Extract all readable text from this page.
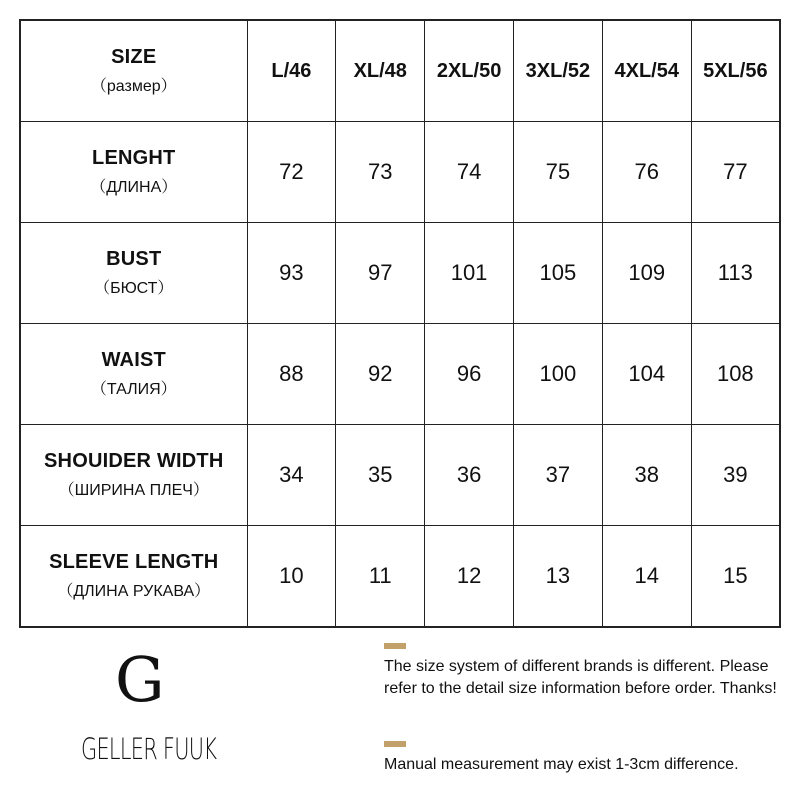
SIZE
（размер）	L/46	XL/48	2XL/50	3XL/52	4XL/54	5XL/56

LENGHT
（ДЛИНА）	72	73	74	75	76	77

BUST
（БЮСТ）	93	97	101	105	109	113

WAIST
（ТАЛИЯ）	88	92	96	100	104	108

SHOUIDER WIDTH
（ШИРИНА ПЛЕЧ）	34	35	36	37	38	39

SLEEVE LENGTH
（ДЛИНА РУКАВА）	10	11	12	13	14	15
G
GELLER FUUK
The size system of different brands is different. Please refer to the detail size information before order. Thanks!
Manual measurement may exist 1-3cm difference.
